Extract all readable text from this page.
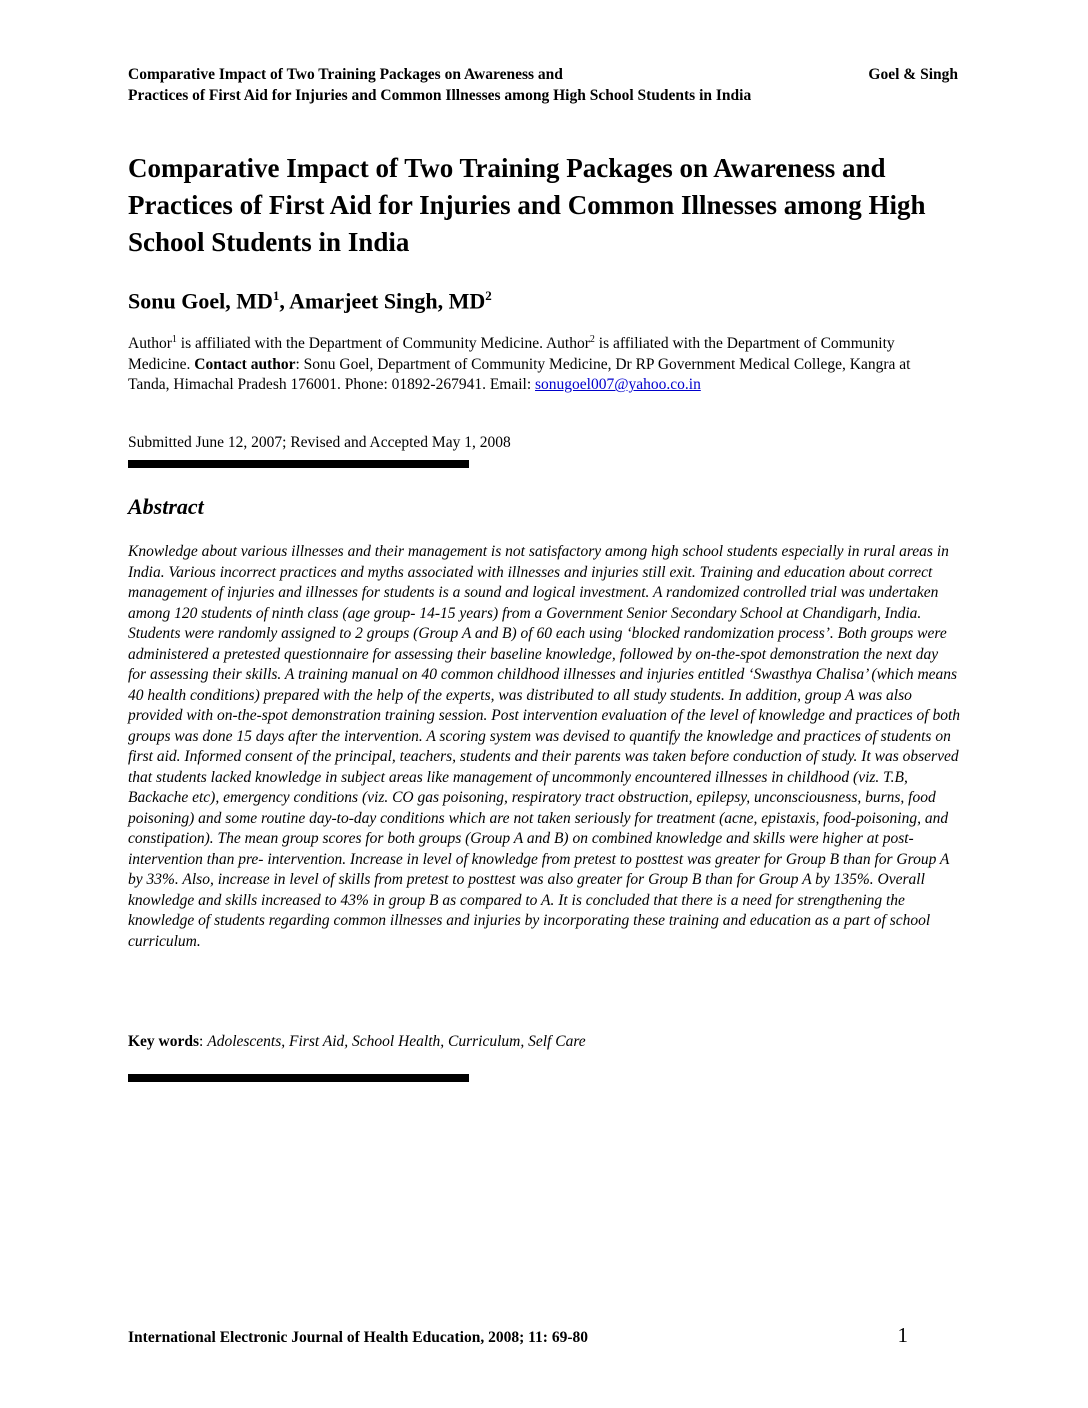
Comparative Impact of Two Training Packages on Awareness and	Goel & Singh
Practices of First Aid for Injuries and Common Illnesses among High School Students in India
Comparative Impact of Two Training Packages on Awareness and Practices of First Aid for Injuries and Common Illnesses among High School Students in India

Sonu Goel, $MD^1$, Amarjeet Singh, $MD^2$

Author$^1$ is affiliated with the Department of Community Medicine. Author$^2$ is affiliated with the Department of Community Medicine. Contact author: Sonu Goel, Department of Community Medicine, Dr RP Government Medical College, Kangra at Tanda, Himachal Pradesh 176001. Phone: 01892-267941. Email: sonugoel007@yahoo.co.in

Submitted June 12, 2007; Revised and Accepted May 1, 2008

Abstract

Knowledge about various illnesses and their management is not satisfactory among high school students especially in rural areas in India. Various incorrect practices and myths associated with illnesses and injuries still exit. Training and education about correct management of injuries and illnesses for students is a sound and logical investment. A randomized controlled trial was undertaken among 120 students of ninth class (age group- 14-15 years) from a Government Senior Secondary School at Chandigarh, India. Students were randomly assigned to 2 groups (Group A and B) of 60 each using ‘blocked randomization process’. Both groups were administered a pretested questionnaire for assessing their baseline knowledge, followed by on-the-spot demonstration the next day for assessing their skills. A training manual on 40 common childhood illnesses and injuries entitled ‘Swasthya Chalisa’ (which means 40 health conditions) prepared with the help of the experts, was distributed to all study students. In addition, group A was also provided with on-the-spot demonstration training session. Post intervention evaluation of the level of knowledge and practices of both groups was done 15 days after the intervention. A scoring system was devised to quantify the knowledge and practices of students on first aid. Informed consent of the principal, teachers, students and their parents was taken before conduction of study. It was observed that students lacked knowledge in subject areas like management of uncommonly encountered illnesses in childhood (viz. T.B, Backache etc), emergency conditions (viz. CO gas poisoning, respiratory tract obstruction, epilepsy, unconsciousness, burns, food poisoning) and some routine day-to-day conditions which are not taken seriously for treatment (acne, epistaxis, food-poisoning, and constipation). The mean group scores for both groups (Group A and B) on combined knowledge and skills were higher at post-intervention than pre- intervention. Increase in level of knowledge from pretest to posttest was greater for Group B than for Group A by 33%. Also, increase in level of skills from pretest to posttest was also greater for Group B than for Group A by 135%. Overall knowledge and skills increased to 43% in group B as compared to A. It is concluded that there is a need for strengthening the knowledge of students regarding common illnesses and injuries by incorporating these training and education as a part of school curriculum.

Key words: Adolescents, First Aid, School Health, Curriculum, Self Care

International Electronic Journal of Health Education, 2008; 11: 69-80	1
